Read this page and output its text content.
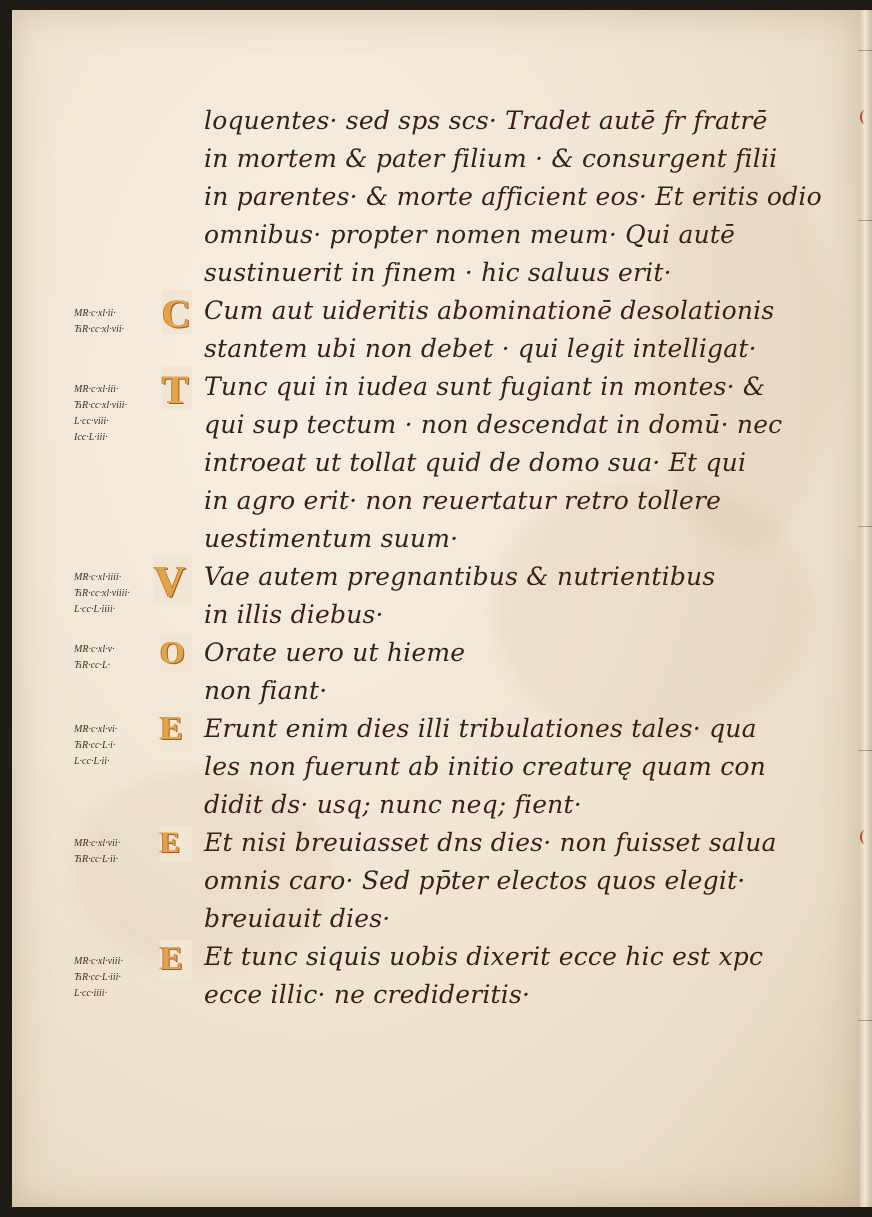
loquentes· sed sps scs· Tradet autē fr fratrē
in mortem & pater filium · & consurgent filii
in parentes· & morte afficient eos· Et eritis odio
omnibus· propter nomen meum· Qui autē
sustinuerit in finem · hic saluus erit·
Cum aut uideritis abominationē desolationis
stantem ubi non debet · qui legit intelligat·
Tunc qui in iudea sunt fugiant in montes· &
qui sup tectum · non descendat in domū· nec
introeat ut tollat quid de domo sua· Et qui
in agro erit· non reuertatur retro tollere
uestimentum suum·
Vae autem pregnantibus & nutrientibus
in illis diebus·
Orate uero ut hieme
non fiant·
Erunt enim dies illi tribulationes tales· qua
les non fuerunt ab initio creaturę quam con
didit ds· usq; nunc neq; fient·
Et nisi breuiasset dns dies· non fuisset salua
omnis caro· Sed pp̄ter electos quos elegit·
breuiauit dies·
Et tunc siquis uobis dixerit ecce hic est xpc
ecce illic· ne credideritis·
C
T
V
O
E
E
E
MR·c·xl·ii·
ЋR·cc·xl·vii·
MR·c·xl·iii·
ЋR·cc·xl·viii·
L·cc·viii·
Ӏcc·L·iii·
MR·c·xl·iiii·
ЋR·cc·xl·viiii·
L·cc·L·iiii·
MR·c·xl·v·
ЋR·cc·L·
MR·c·xl·vi·
ЋR·cc·L·i·
L·cc·L·ii·
MR·c·xl·vii·
ЋR·cc·L·ii·
MR·c·xl·viii·
ЋR·cc·L·iii·
L·cc·iiii·
